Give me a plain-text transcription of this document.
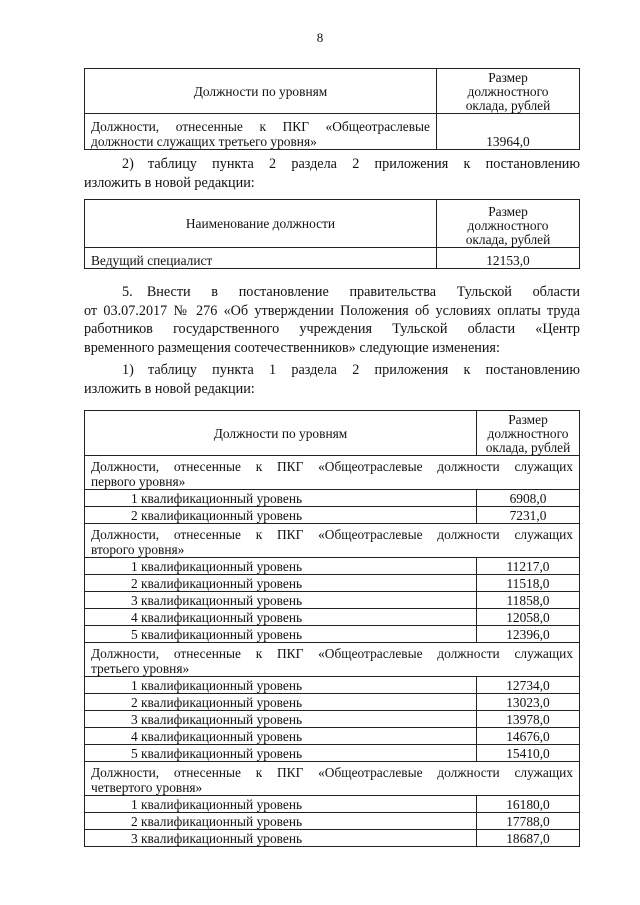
8
Должности по уровням	Размер
должностного
оклада, рублей

Должности, отнесенные к ПКГ «Общеотраслевые
должности служащих третьего уровня»	13964,0
2) таблицу пункта 2 раздела 2 приложения к постановлению
изложить в новой редакции:
Наименование должности	Размер
должностного
оклада, рублей

Ведущий специалист	12153,0
5. Внести в постановление правительства Тульской области
от 03.07.2017 № 276 «Об утверждении Положения об условиях оплаты труда
работников государственного учреждения Тульской области «Центр
временного размещения соотечественников» следующие изменения:
1) таблицу пункта 1 раздела 2 приложения к постановлению
изложить в новой редакции:
Должности по уровням	Размер
должностного
оклада, рублей

Должности, отнесенные к ПКГ «Общеотраслевые должности служащих
первого уровня»	

1 квалификационный уровень	6908,0
2 квалификационный уровень	7231,0

Должности, отнесенные к ПКГ «Общеотраслевые должности служащих
второго уровня»	

1 квалификационный уровень	11217,0
2 квалификационный уровень	11518,0
3 квалификационный уровень	11858,0
4 квалификационный уровень	12058,0
5 квалификационный уровень	12396,0

Должности, отнесенные к ПКГ «Общеотраслевые должности служащих
третьего уровня»	

1 квалификационный уровень	12734,0
2 квалификационный уровень	13023,0
3 квалификационный уровень	13978,0
4 квалификационный уровень	14676,0
5 квалификационный уровень	15410,0

Должности, отнесенные к ПКГ «Общеотраслевые должности служащих
четвертого уровня»	

1 квалификационный уровень	16180,0
2 квалификационный уровень	17788,0
3 квалификационный уровень	18687,0
